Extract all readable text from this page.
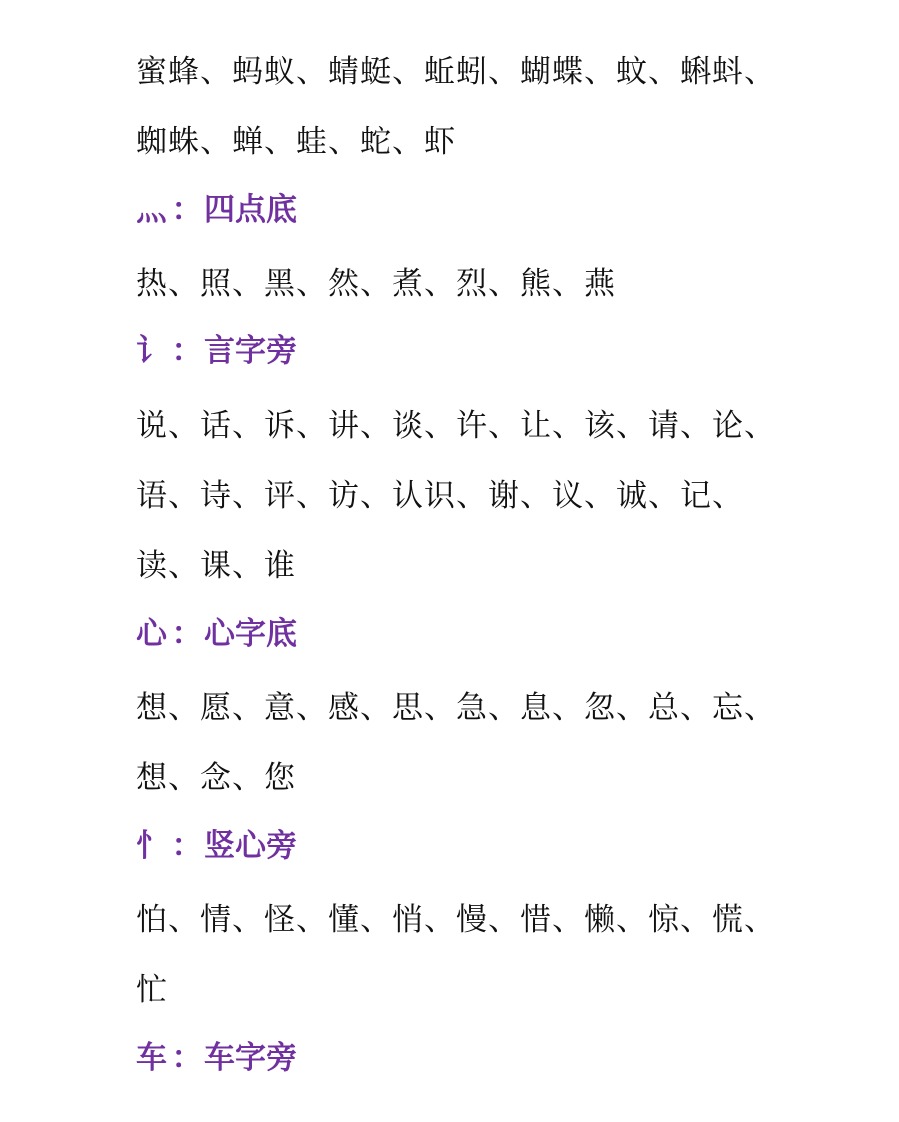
蜜蜂、蚂蚁、蜻蜓、蚯蚓、蝴蝶、蚊、蝌蚪、
蜘蛛、蝉、蛙、蛇、虾
灬 ：四点底
热、照、黑、然、煮、烈、熊、燕
讠 ：言字旁
说、话、诉、讲、谈、许、让、该、请、论、
语、诗、评、访、认识、谢、议、诚、记、
读、课、谁
心 ：心字底
想、愿、意、感、思、急、息、忽、总、忘、
想、念、您
忄 ：竖心旁
怕、情、怪、懂、悄、慢、惜、懒、惊、慌、
忙
车 ：车字旁
